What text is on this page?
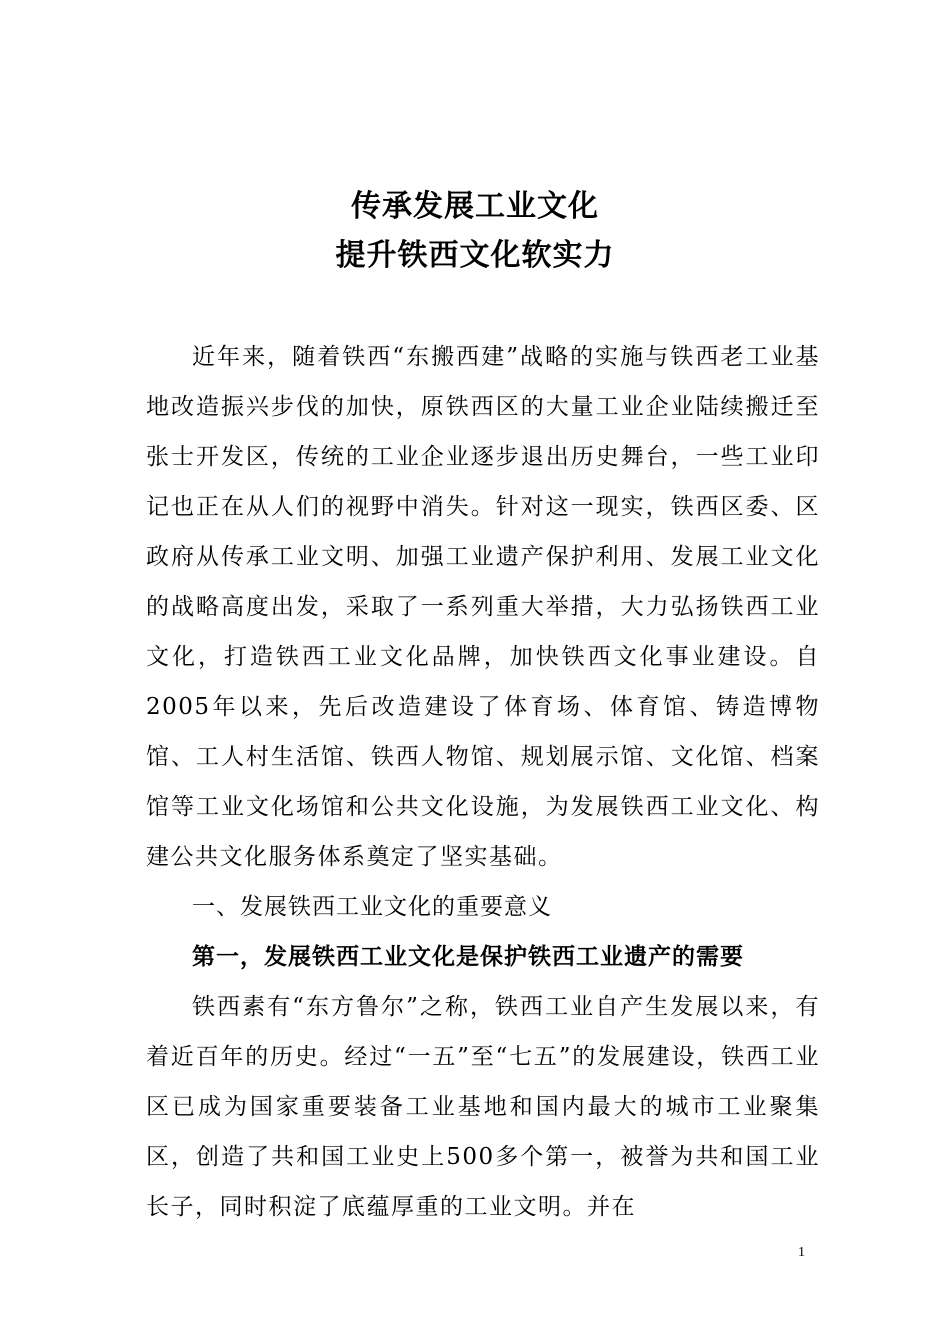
传承发展工业文化
提升铁西文化软实力

近年来，随着铁西“东搬西建”战略的实施与铁西老工业基地改造振兴步伐的加快，原铁西区的大量工业企业陆续搬迁至张士开发区，传统的工业企业逐步退出历史舞台，一些工业印记也正在从人们的视野中消失。针对这一现实，铁西区委、区政府从传承工业文明、加强工业遗产保护利用、发展工业文化的战略高度出发，采取了一系列重大举措，大力弘扬铁西工业文化，打造铁西工业文化品牌，加快铁西文化事业建设。自2005年以来，先后改造建设了体育场、体育馆、铸造博物馆、工人村生活馆、铁西人物馆、规划展示馆、文化馆、档案馆等工业文化场馆和公共文化设施，为发展铁西工业文化、构建公共文化服务体系奠定了坚实基础。

一、发展铁西工业文化的重要意义

第一，发展铁西工业文化是保护铁西工业遗产的需要

铁西素有“东方鲁尔”之称，铁西工业自产生发展以来，有着近百年的历史。经过“一五”至“七五”的发展建设，铁西工业区已成为国家重要装备工业基地和国内最大的城市工业聚集区，创造了共和国工业史上500多个第一，被誉为共和国工业长子，同时积淀了底蕴厚重的工业文明。并在

1
